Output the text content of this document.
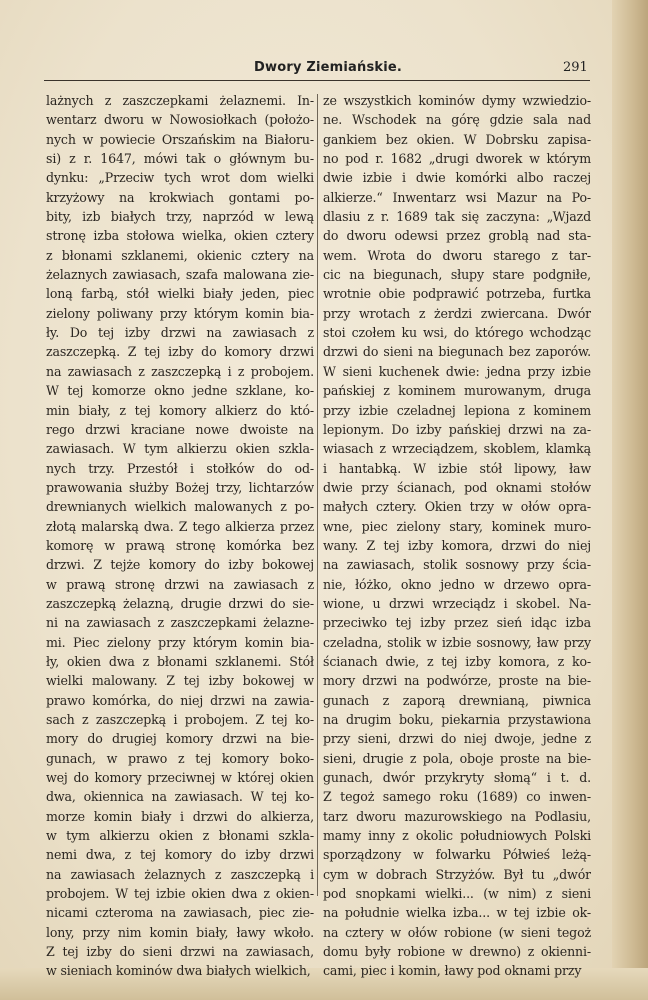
Dwory Ziemiańskie.	291
lażnych z zaszczepkami żelaznemi. In-
wentarz dworu w Nowosiołkach (położo-
nych w powiecie Orszańskim na Białoru-
si) z r. 1647, mówi tak o głównym bu-
dynku: „Przeciw tych wrot dom wielki
krzyżowy na krokwiach gontami po-
bity, izb białych trzy, naprzód w lewą
stronę izba stołowa wielka, okien cztery
z błonami szklanemi, okienic cztery na
żelaznych zawiasach, szafa malowana zie-
loną farbą, stół wielki biały jeden, piec
zielony poliwany przy którym komin bia-
ły. Do tej izby drzwi na zawiasach z
zaszczepką. Z tej izby do komory drzwi
na zawiasach z zaszczepką i z probojem.
W tej komorze okno jedne szklane, ko-
min biały, z tej komory alkierz do któ-
rego drzwi kraciane nowe dwoiste na
zawiasach. W tym alkierzu okien szkla-
nych trzy. Przestół i stołków do od-
prawowania służby Bożej trzy, lichtarzów
drewnianych wielkich malowanych z po-
złotą malarską dwa. Z tego alkierza przez
komorę w prawą stronę komórka bez
drzwi. Z tejże komory do izby bokowej
w prawą stronę drzwi na zawiasach z
zaszczepką żelazną, drugie drzwi do sie-
ni na zawiasach z zaszczepkami żelazne-
mi. Piec zielony przy którym komin bia-
ły, okien dwa z błonami szklanemi. Stół
wielki malowany. Z tej izby bokowej w
prawo komórka, do niej drzwi na zawia-
sach z zaszczepką i probojem. Z tej ko-
mory do drugiej komory drzwi na bie-
gunach, w prawo z tej komory boko-
wej do komory przeciwnej w której okien
dwa, okiennica na zawiasach. W tej ko-
morze komin biały i drzwi do alkierza,
w tym alkierzu okien z błonami szkla-
nemi dwa, z tej komory do izby drzwi
na zawiasach żelaznych z zaszczepką i
probojem. W tej izbie okien dwa z okien-
nicami czteroma na zawiasach, piec zie-
lony, przy nim komin biały, ławy wkoło.
Z tej izby do sieni drzwi na zawiasach,
w sieniach kominów dwa białych wielkich,
ze wszystkich kominów dymy wzwiedzio-
ne. Wschodek na górę gdzie sala nad
gankiem bez okien. W Dobrsku zapisa-
no pod r. 1682 „drugi dworek w którym
dwie izbie i dwie komórki albo raczej
alkierze.“ Inwentarz wsi Mazur na Po-
dlasiu z r. 1689 tak się zaczyna: „Wjazd
do dworu odewsi przez groblą nad sta-
wem. Wrota do dworu starego z tar-
cic na biegunach, słupy stare podgniłe,
wrotnie obie podprawić potrzeba, furtka
przy wrotach z żerdzi zwiercana. Dwór
stoi czołem ku wsi, do którego wchodząc
drzwi do sieni na biegunach bez zaporów.
W sieni kuchenek dwie: jedna przy izbie
pańskiej z kominem murowanym, druga
przy izbie czeladnej lepiona z kominem
lepionym. Do izby pańskiej drzwi na za-
wiasach z wrzeciądzem, skoblem, klamką
i hantabką. W izbie stół lipowy, ław
dwie przy ścianach, pod oknami stołów
małych cztery. Okien trzy w ołów opra-
wne, piec zielony stary, kominek muro-
wany. Z tej izby komora, drzwi do niej
na zawiasach, stolik sosnowy przy ścia-
nie, łóżko, okno jedno w drzewo opra-
wione, u drzwi wrzeciądz i skobel. Na-
przeciwko tej izby przez sień idąc izba
czeladna, stolik w izbie sosnowy, ław przy
ścianach dwie, z tej izby komora, z ko-
mory drzwi na podwórze, proste na bie-
gunach z zaporą drewnianą, piwnica
na drugim boku, piekarnia przystawiona
przy sieni, drzwi do niej dwoje, jedne z
sieni, drugie z pola, oboje proste na bie-
gunach, dwór przykryty słomą“ i t. d.
Z tegoż samego roku (1689) co inwen-
tarz dworu mazurowskiego na Podlasiu,
mamy inny z okolic południowych Polski
sporządzony w folwarku Półwieś leżą-
cym w dobrach Strzyżów. Był tu „dwór
pod snopkami wielki... (w nim) z sieni
na południe wielka izba... w tej izbie ok-
na cztery w ołów robione (w sieni tegoż
domu były robione w drewno) z okienni-
cami, piec i komin, ławy pod oknami przy
